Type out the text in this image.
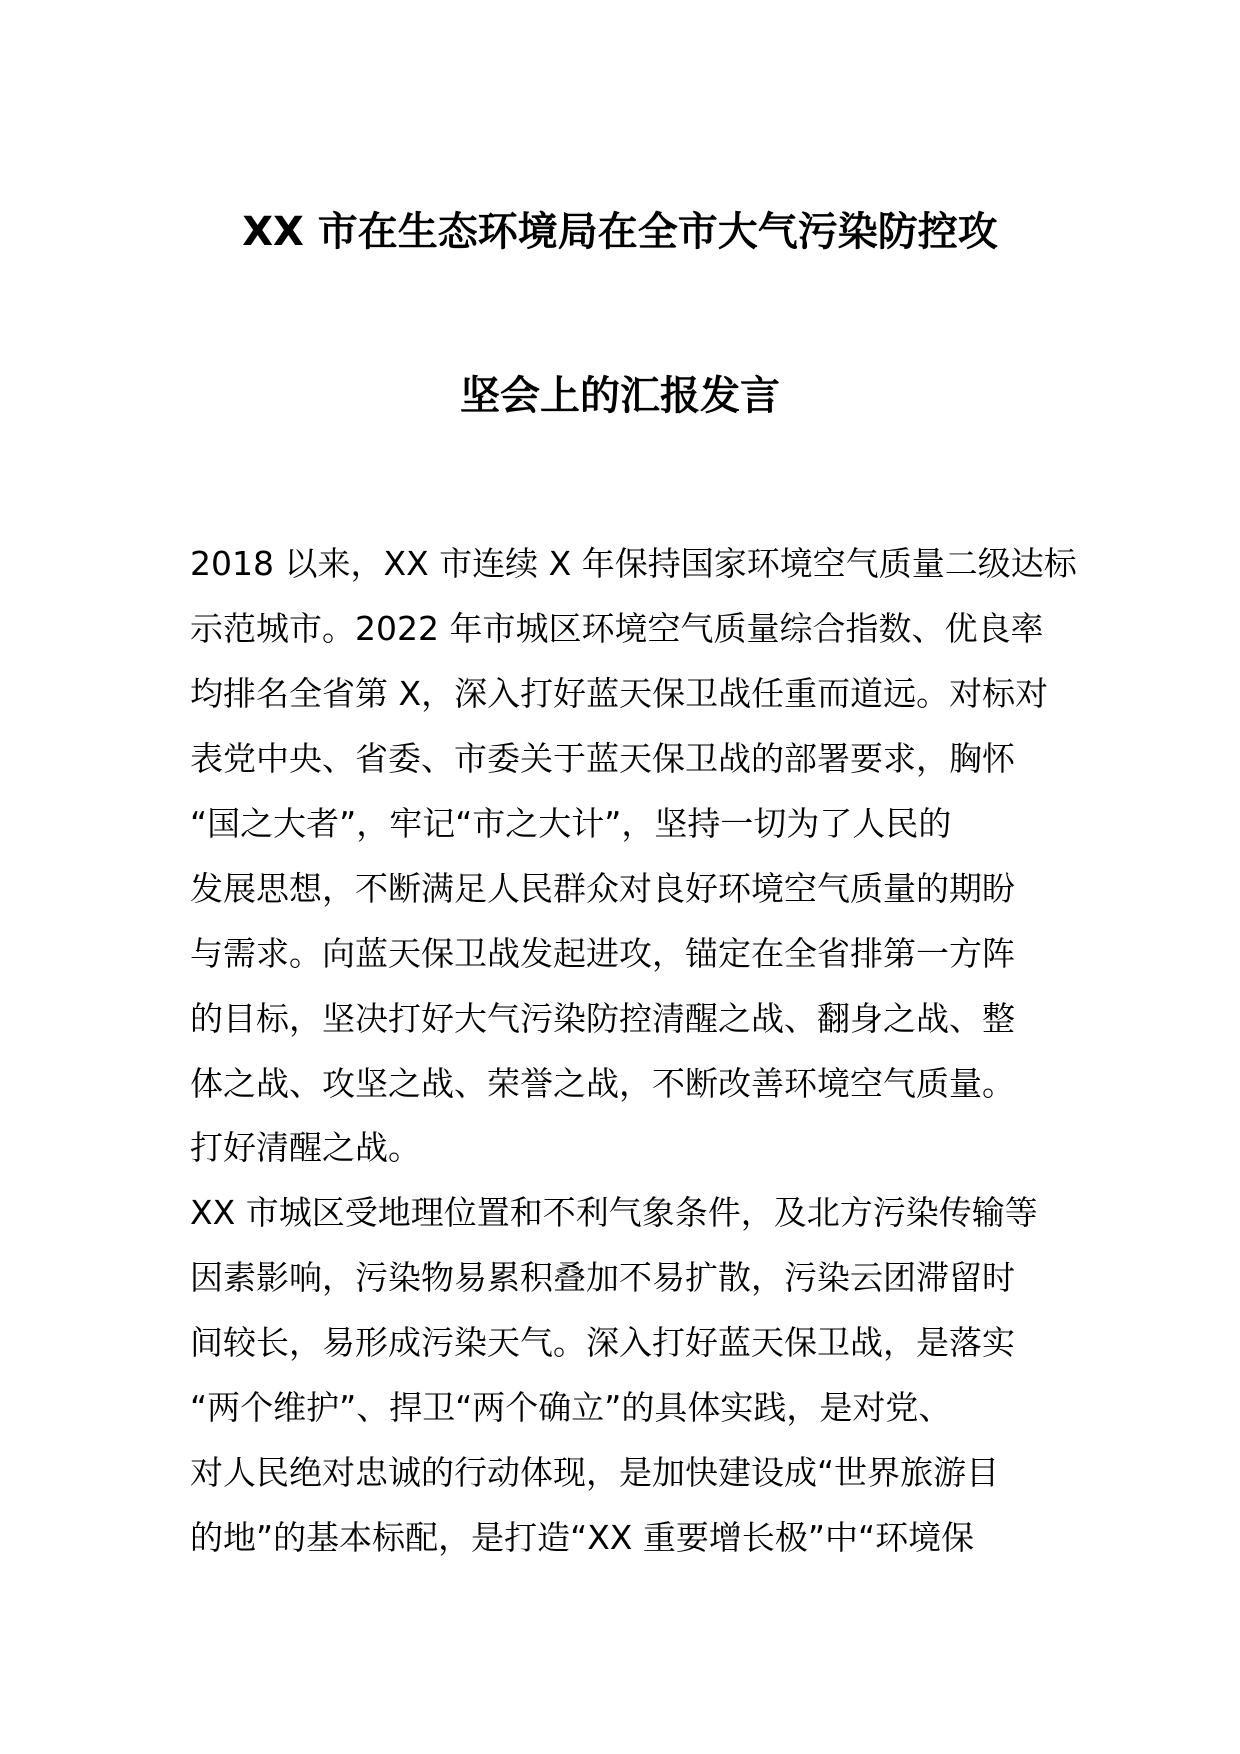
XX 市在生态环境局在全市大气污染防控攻
坚会上的汇报发言
2018 以来，XX 市连续 X 年保持国家环境空气质量二级达标
示范城市。2022 年市城区环境空气质量综合指数、优良率
均排名全省第 X，深入打好蓝天保卫战任重而道远。对标对
表党中央、省委、市委关于蓝天保卫战的部署要求，胸怀
“国之大者”，牢记“市之大计”，坚持一切为了人民的
发展思想，不断满足人民群众对良好环境空气质量的期盼
与需求。向蓝天保卫战发起进攻，锚定在全省排第一方阵
的目标，坚决打好大气污染防控清醒之战、翻身之战、整
体之战、攻坚之战、荣誉之战，不断改善环境空气质量。
打好清醒之战。
XX 市城区受地理位置和不利气象条件，及北方污染传输等
因素影响，污染物易累积叠加不易扩散，污染云团滞留时
间较长，易形成污染天气。深入打好蓝天保卫战，是落实
“两个维护”、捍卫“两个确立”的具体实践，是对党、
对人民绝对忠诚的行动体现，是加快建设成“世界旅游目
的地”的基本标配，是打造“XX 重要增长极”中“环境保
